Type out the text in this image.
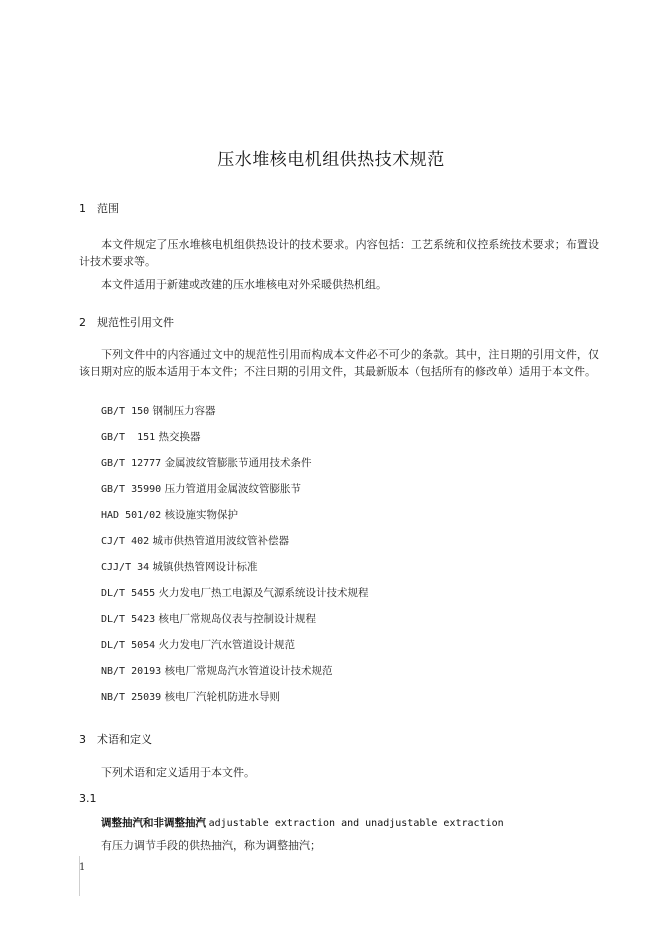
压水堆核电机组供热技术规范
1 范围
本文件规定了压水堆核电机组供热设计的技术要求。内容包括：工艺系统和仪控系统技术要求；布置设计技术要求等。
本文件适用于新建或改建的压水堆核电对外采暖供热机组。
2 规范性引用文件
下列文件中的内容通过文中的规范性引用而构成本文件必不可少的条款。其中，注日期的引用文件，仅该日期对应的版本适用于本文件；不注日期的引用文件，其最新版本（包括所有的修改单）适用于本文件。
GB/T 150 钢制压力容器
GB/T  151 热交换器
GB/T 12777 金属波纹管膨胀节通用技术条件
GB/T 35990 压力管道用金属波纹管膨胀节
HAD 501/02 核设施实物保护
CJ/T 402 城市供热管道用波纹管补偿器
CJJ/T 34 城镇供热管网设计标准
DL/T 5455 火力发电厂热工电源及气源系统设计技术规程
DL/T 5423 核电厂常规岛仪表与控制设计规程
DL/T 5054 火力发电厂汽水管道设计规范
NB/T 20193 核电厂常规岛汽水管道设计技术规范
NB/T 25039 核电厂汽轮机防进水导则
3 术语和定义
下列术语和定义适用于本文件。
3.1
调整抽汽和非调整抽汽 adjustable extraction and unadjustable extraction
有压力调节手段的供热抽汽，称为调整抽汽；
1
